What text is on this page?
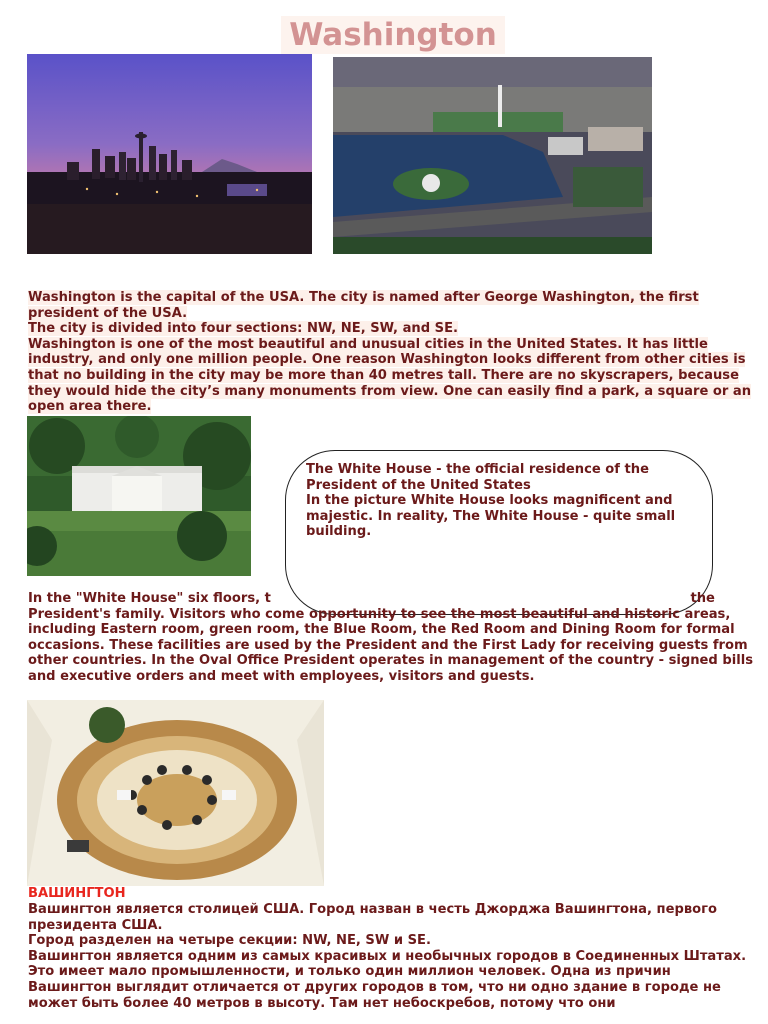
Washington

Washington is the capital of the USA. The city is named after George Washington, the first president of the USA.

The city is divided into four sections: NW, NE, SW, and SE.

Washington is one of the most beautiful and unusual cities in the United States. It has little industry, and only one million people. One reason Washington looks different from other cities is that no building in the city may be more than 40 metres tall. There are no skyscrapers, because they would hide the city’s many monuments from view. One can easily find a park, a square or an open area there.

The White House - the official residence of the President of the United States

In the picture White House looks magnificent and majestic. In reality, The White House - quite small building.

In the "White House" six floors, t	the President's family. Visitors who come opportunity to see the most beautiful and historic areas, including Eastern room, green room, the Blue Room, the Red Room and Dining Room for formal occasions. These facilities are used by the President and the First Lady for receiving guests from other countries. In the Oval Office President operates in management of the country - signed bills and executive orders and meet with employees, visitors and guests.

ВАШИНГТОН

Вашингтон является столицей США. Город назван в честь Джорджа Вашингтона, первого президента США.

Город разделен на четыре секции: NW, NE, SW и SE.

Вашингтон является одним из самых красивых и необычных городов в Соединенных Штатах. Это имеет мало промышленности, и только один миллион человек. Одна из причин Вашингтон выглядит отличается от других городов в том, что ни одно здание в городе не может быть более 40 метров в высоту. Там нет небоскребов, потому что они
